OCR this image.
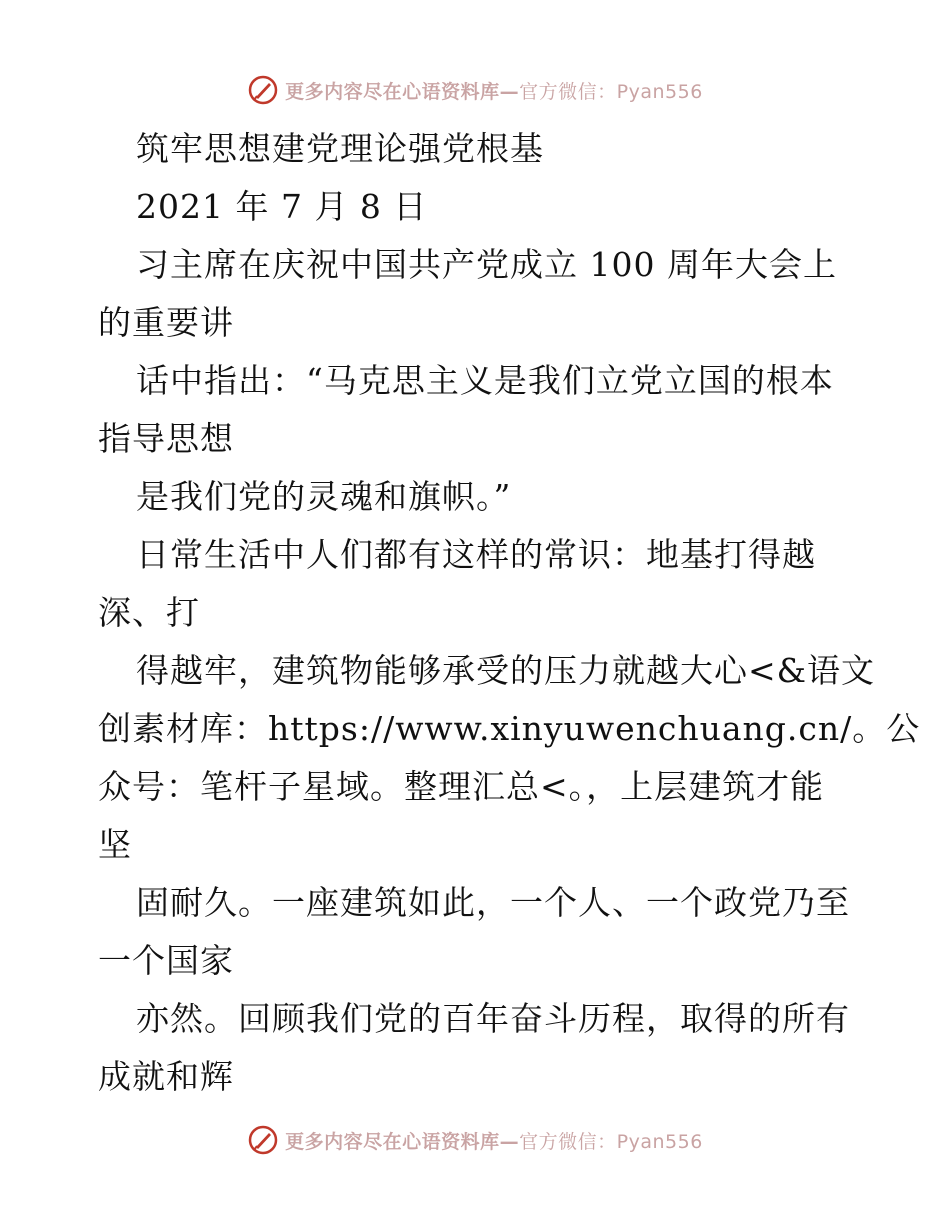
更多内容尽在心语资料库—官方微信：Pyan556
筑牢思想建党理论强党根基
2021 年 7 月 8 日
习主席在庆祝中国共产党成立 100 周年大会上
的重要讲
话中指出：“马克思主义是我们立党立国的根本
指导思想
是我们党的灵魂和旗帜。”
日常生活中人们都有这样的常识：地基打得越
深、打
得越牢，建筑物能够承受的压力就越大心<&语文
创素材库：https://www.xinyuwenchuang.cn/。公
众号：笔杆子星域。整理汇总<。，上层建筑才能
坚
固耐久。一座建筑如此，一个人、一个政党乃至
一个国家
亦然。回顾我们党的百年奋斗历程，取得的所有
成就和辉
更多内容尽在心语资料库—官方微信：Pyan556
